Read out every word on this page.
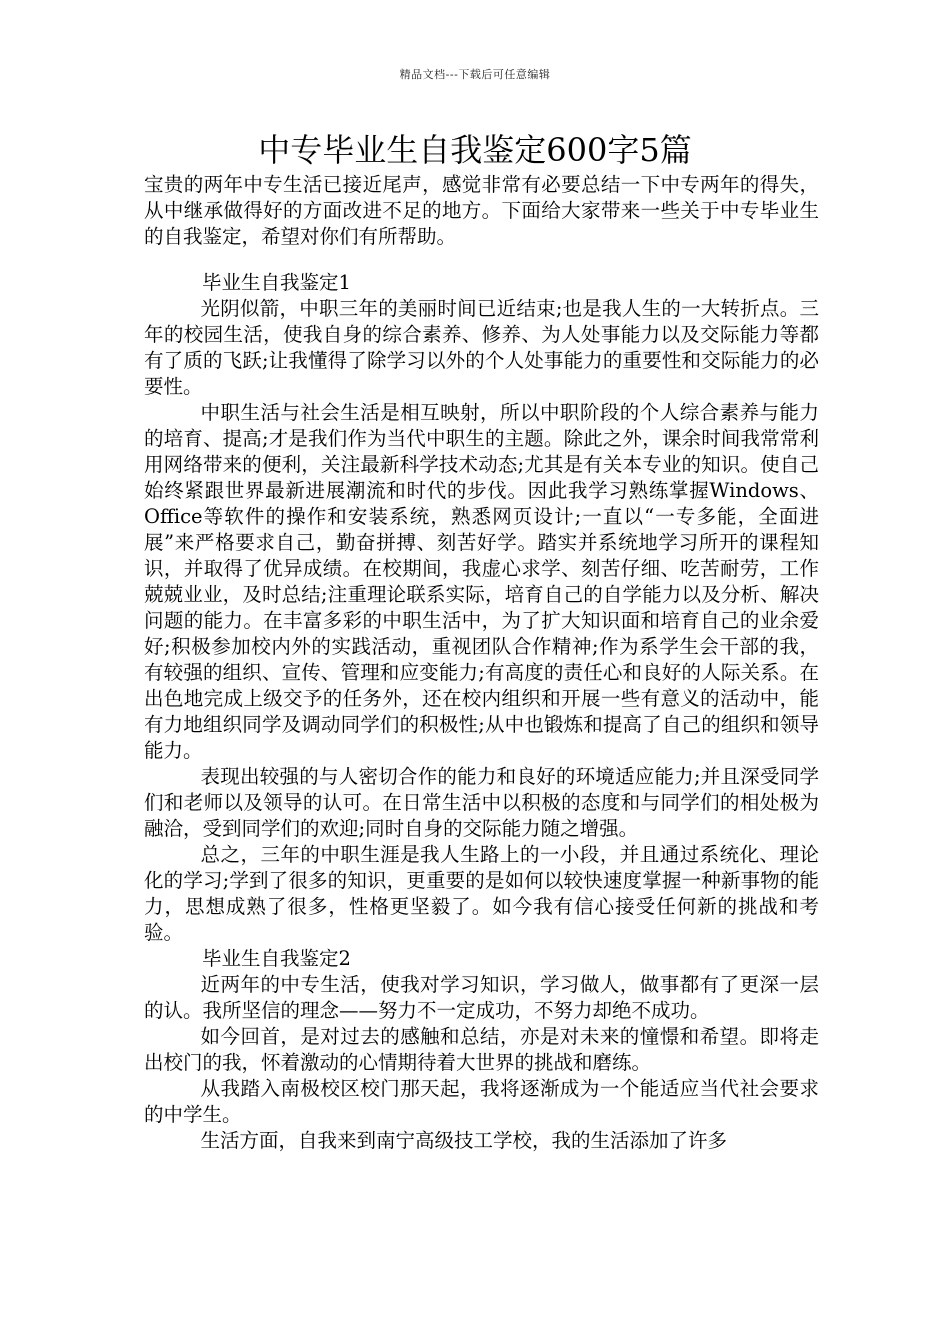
精品文档---下载后可任意编辑
中专毕业生自我鉴定600字5篇

宝贵的两年中专生活已接近尾声，感觉非常有必要总结一下中专两年的得失，从中继承做得好的方面改进不足的地方。下面给大家带来一些关于中专毕业生的自我鉴定，希望对你们有所帮助。

毕业生自我鉴定1

光阴似箭，中职三年的美丽时间已近结束;也是我人生的一大转折点。三年的校园生活，使我自身的综合素养、修养、为人处事能力以及交际能力等都有了质的飞跃;让我懂得了除学习以外的个人处事能力的重要性和交际能力的必要性。

中职生活与社会生活是相互映射，所以中职阶段的个人综合素养与能力的培育、提高;才是我们作为当代中职生的主题。除此之外，课余时间我常常利用网络带来的便利，关注最新科学技术动态;尤其是有关本专业的知识。使自己始终紧跟世界最新进展潮流和时代的步伐。因此我学习熟练掌握Windows、Office等软件的操作和安装系统，熟悉网页设计;一直以“一专多能，全面进展”来严格要求自己，勤奋拼搏、刻苦好学。踏实并系统地学习所开的课程知识，并取得了优异成绩。在校期间，我虚心求学、刻苦仔细、吃苦耐劳，工作兢兢业业，及时总结;注重理论联系实际，培育自己的自学能力以及分析、解决问题的能力。在丰富多彩的中职生活中，为了扩大知识面和培育自己的业余爱好;积极参加校内外的实践活动，重视团队合作精神;作为系学生会干部的我，有较强的组织、宣传、管理和应变能力;有高度的责任心和良好的人际关系。在出色地完成上级交予的任务外，还在校内组织和开展一些有意义的活动中，能有力地组织同学及调动同学们的积极性;从中也锻炼和提高了自己的组织和领导能力。

表现出较强的与人密切合作的能力和良好的环境适应能力;并且深受同学们和老师以及领导的认可。在日常生活中以积极的态度和与同学们的相处极为融洽，受到同学们的欢迎;同时自身的交际能力随之增强。

总之，三年的中职生涯是我人生路上的一小段，并且通过系统化、理论化的学习;学到了很多的知识，更重要的是如何以较快速度掌握一种新事物的能力，思想成熟了很多，性格更坚毅了。如今我有信心接受任何新的挑战和考验。

毕业生自我鉴定2

近两年的中专生活，使我对学习知识，学习做人，做事都有了更深一层的认。我所坚信的理念——努力不一定成功，不努力却绝不成功。

如今回首，是对过去的感触和总结，亦是对未来的憧憬和希望。即将走出校门的我，怀着激动的心情期待着大世界的挑战和磨练。

从我踏入南极校区校门那天起，我将逐渐成为一个能适应当代社会要求的中学生。

生活方面，自我来到南宁高级技工学校，我的生活添加了许多
